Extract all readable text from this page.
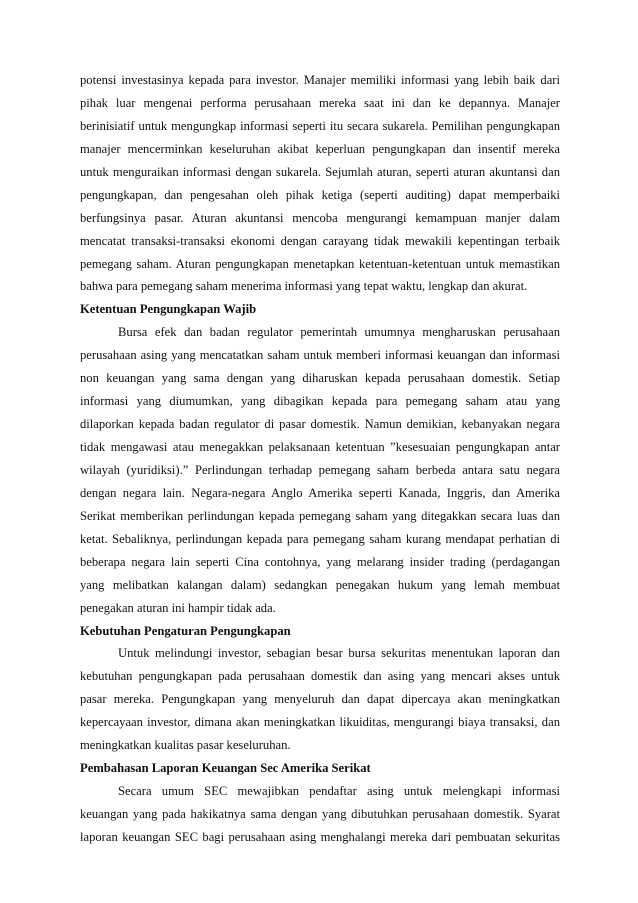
potensi investasinya kepada para investor. Manajer memiliki informasi yang lebih baik dari
pihak luar mengenai performa perusahaan mereka saat ini dan ke depannya. Manajer
berinisiatif untuk mengungkap informasi seperti itu secara sukarela. Pemilihan pengungkapan
manajer mencerminkan keseluruhan akibat keperluan pengungkapan dan insentif mereka
untuk menguraikan informasi dengan sukarela. Sejumlah aturan, seperti aturan akuntansi dan
pengungkapan, dan pengesahan oleh pihak ketiga (seperti auditing) dapat memperbaiki
berfungsinya pasar. Aturan akuntansi mencoba mengurangi kemampuan manjer dalam
mencatat transaksi-transaksi ekonomi dengan carayang tidak mewakili kepentingan terbaik
pemegang saham. Aturan pengungkapan menetapkan ketentuan-ketentuan untuk memastikan
bahwa para pemegang saham menerima informasi yang tepat waktu, lengkap dan akurat.
Ketentuan Pengungkapan Wajib
Bursa efek dan badan regulator pemerintah umumnya mengharuskan perusahaan
perusahaan asing yang mencatatkan saham untuk memberi informasi keuangan dan informasi
non keuangan yang sama dengan yang diharuskan kepada perusahaan domestik. Setiap
informasi yang diumumkan, yang dibagikan kepada para pemegang saham atau yang
dilaporkan kepada badan regulator di pasar domestik. Namun demikian, kebanyakan negara
tidak mengawasi atau menegakkan pelaksanaan ketentuan ”kesesuaian pengungkapan antar
wilayah (yuridiksi).” Perlindungan terhadap pemegang saham berbeda antara satu negara
dengan negara lain. Negara-negara Anglo Amerika seperti Kanada, Inggris, dan Amerika
Serikat memberikan perlindungan kepada pemegang saham yang ditegakkan secara luas dan
ketat. Sebaliknya, perlindungan kepada para pemegang saham kurang mendapat perhatian di
beberapa negara lain seperti Cina contohnya, yang melarang insider trading (perdagangan
yang melibatkan kalangan dalam) sedangkan penegakan hukum yang lemah membuat
penegakan aturan ini hampir tidak ada.
Kebutuhan Pengaturan Pengungkapan
Untuk melindungi investor, sebagian besar bursa sekuritas menentukan laporan dan
kebutuhan pengungkapan pada perusahaan domestik dan asing yang mencari akses untuk
pasar mereka. Pengungkapan yang menyeluruh dan dapat dipercaya akan meningkatkan
kepercayaan investor, dimana akan meningkatkan likuiditas, mengurangi biaya transaksi, dan
meningkatkan kualitas pasar keseluruhan.
Pembahasan Laporan Keuangan Sec Amerika Serikat
Secara umum SEC mewajibkan pendaftar asing untuk melengkapi informasi
keuangan yang pada hakikatnya sama dengan yang dibutuhkan perusahaan domestik. Syarat
laporan keuangan SEC bagi perusahaan asing menghalangi mereka dari pembuatan sekuritas
